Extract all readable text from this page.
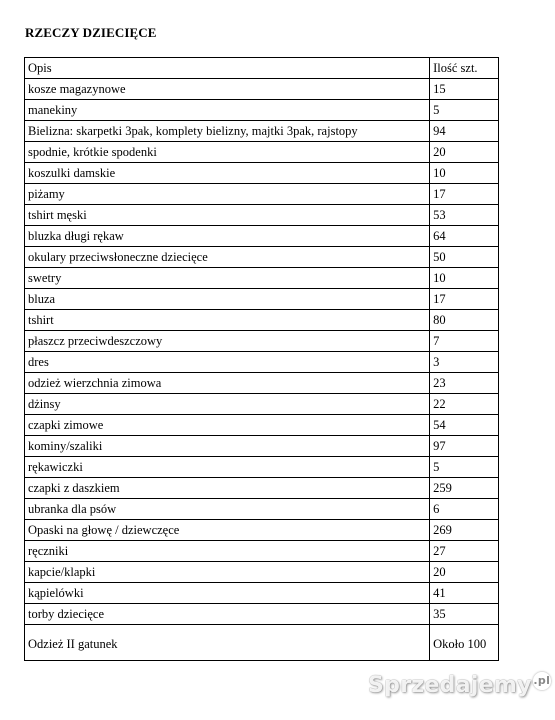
RZECZY DZIECIĘCE
Opis	Ilość szt.
kosze magazynowe	15
manekiny	5
Bielizna: skarpetki 3pak, komplety bielizny, majtki 3pak, rajstopy	94
spodnie, krótkie spodenki	20
koszulki damskie	10
piżamy	17
tshirt męski	53
bluzka długi rękaw	64
okulary przeciwsłoneczne dziecięce	50
swetry	10
bluza	17
tshirt	80
płaszcz przeciwdeszczowy	7
dres	3
odzież wierzchnia zimowa	23
dżinsy	22
czapki zimowe	54
kominy/szaliki	97
rękawiczki	5
czapki z daszkiem	259
ubranka dla psów	6
Opaski na głowę / dziewczęce	269
ręczniki	27
kapcie/klapki	20
kąpielówki	41
torby dziecięce	35
Odzież II gatunek	Około 100
Sprzedajemy .pl
